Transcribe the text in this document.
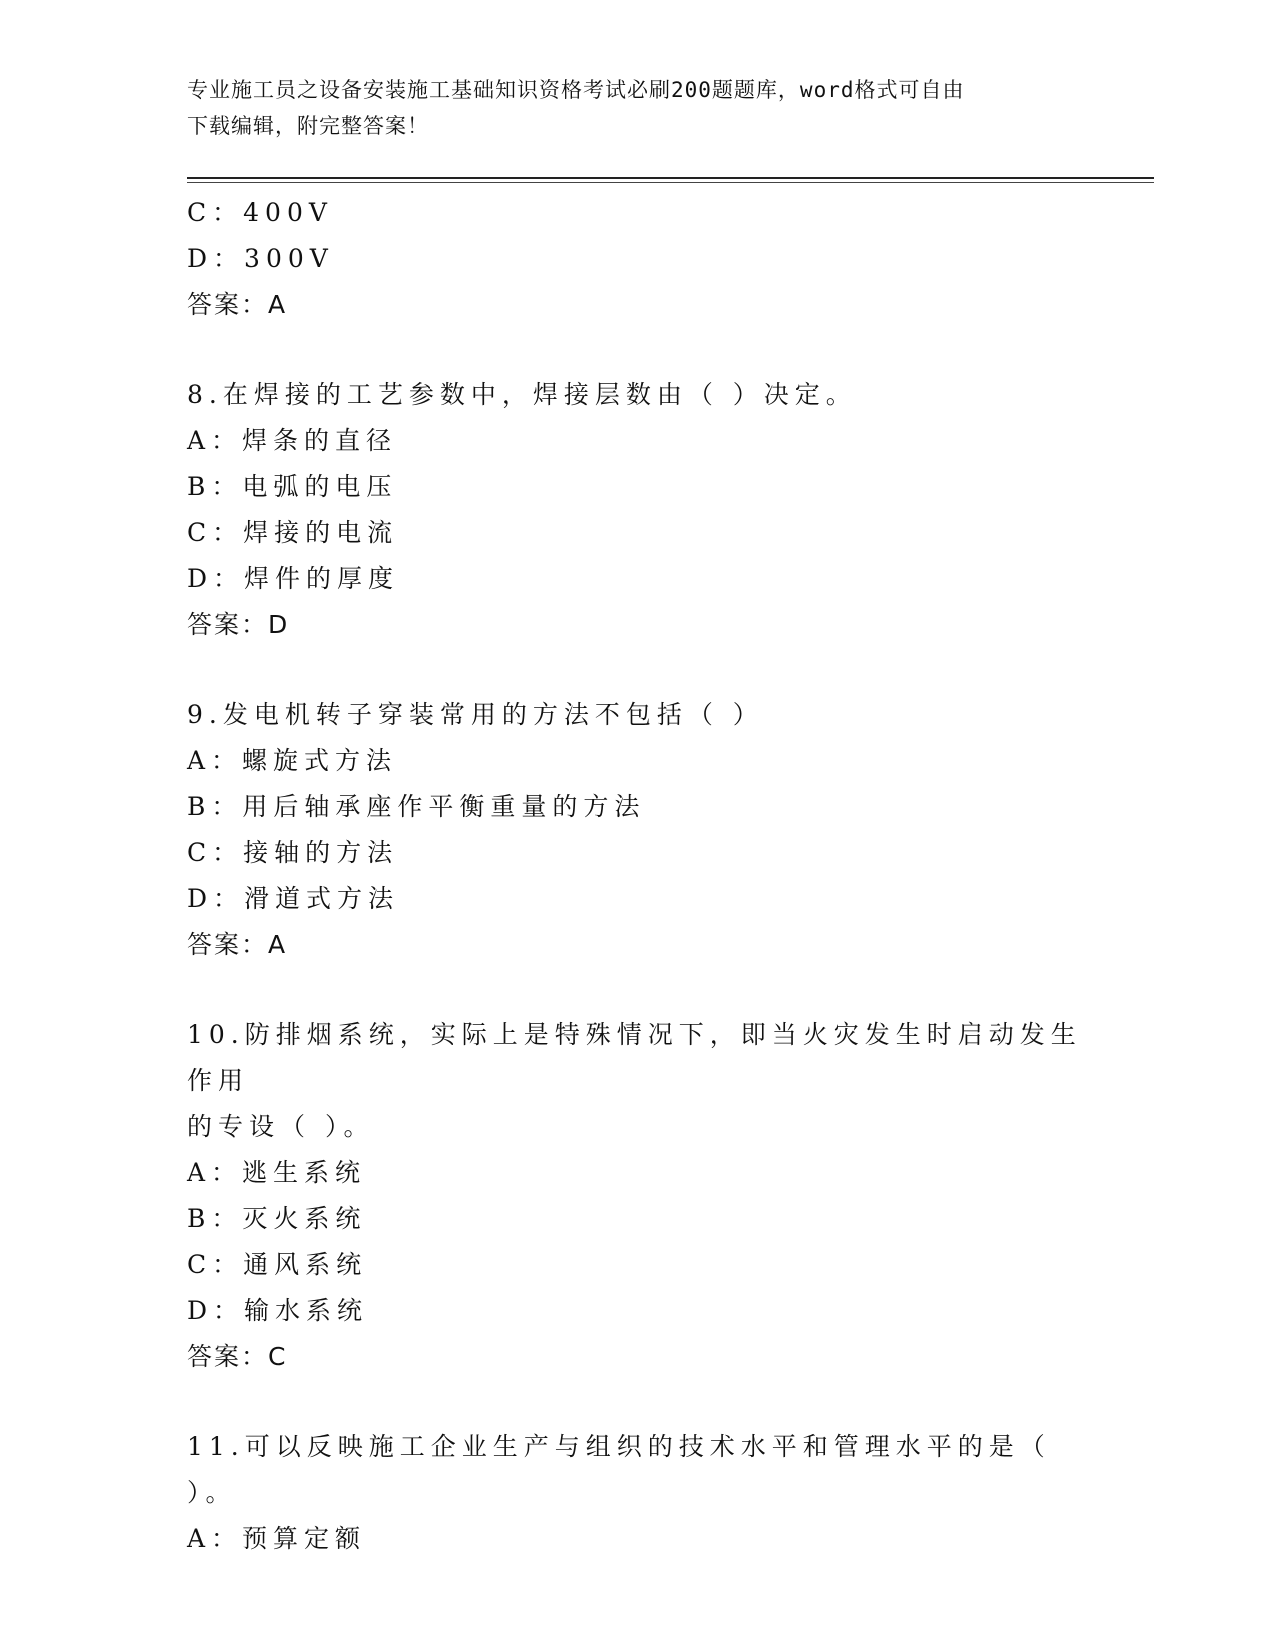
专业施工员之设备安装施工基础知识资格考试必刷200题题库，word格式可自由
下载编辑，附完整答案！
C：400V
D：300V
答案：A
8.在焊接的工艺参数中，焊接层数由（ ）决定。
A：焊条的直径
B：电弧的电压
C：焊接的电流
D：焊件的厚度
答案：D
9.发电机转子穿装常用的方法不包括（ ）
A：螺旋式方法
B：用后轴承座作平衡重量的方法
C：接轴的方法
D：滑道式方法
答案：A
10.防排烟系统，实际上是特殊情况下，即当火灾发生时启动发生作用
的专设（ ）。
A：逃生系统
B：灭火系统
C：通风系统
D：输水系统
答案：C
11.可以反映施工企业生产与组织的技术水平和管理水平的是（ ）。
A：预算定额
